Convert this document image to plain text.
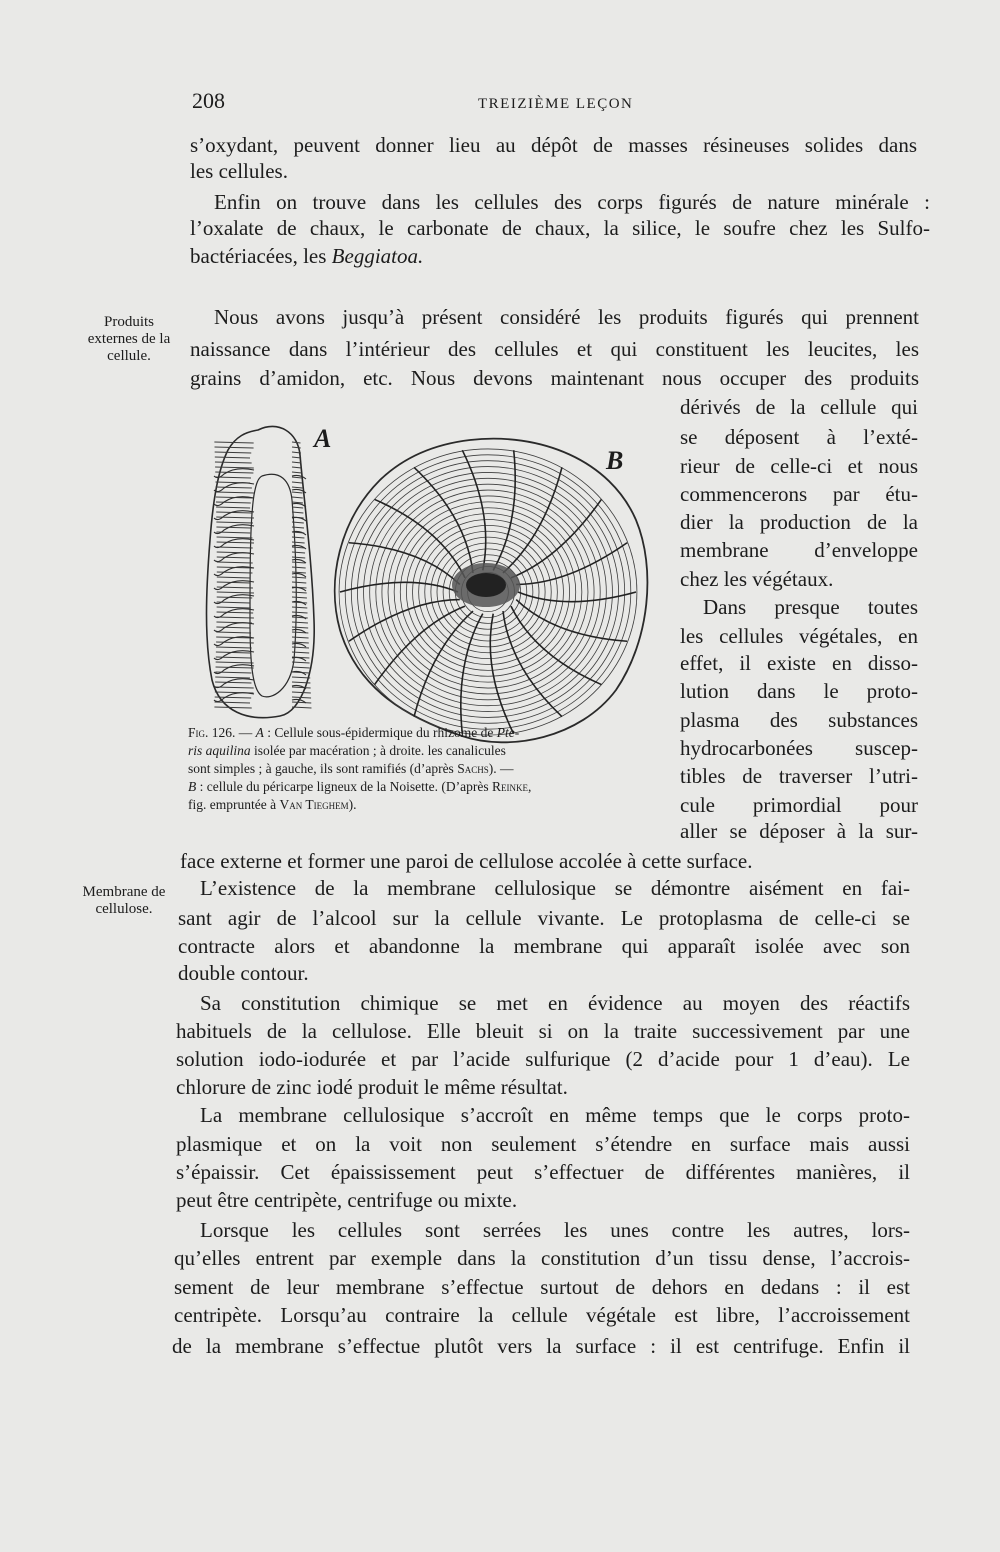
208	TREIZIÈME LEÇON
s’oxydant, peuvent donner lieu au dépôt de masses résineuses solides dans
les cellules.
Enfin on trouve dans les cellules des corps figurés de nature minérale :
l’oxalate de chaux, le carbonate de chaux, la silice, le soufre chez les Sulfo-
bactériacées, les Beggiatoa.
Produits
externes de la
cellule.
Nous avons jusqu’à présent considéré les produits figurés qui prennent
naissance dans l’intérieur des cellules et qui constituent les leucites, les
grains d’amidon, etc. Nous devons maintenant nous occuper des produits
dérivés de la cellule qui
se déposent à l’exté-
rieur de celle-ci et nous
commencerons par étu-
dier la production de la
membrane d’enveloppe
chez les végétaux.
Dans presque toutes
les cellules végétales, en
effet, il existe en disso-
lution dans le proto-
plasma des substances
hydrocarbonées suscep-
tibles de traverser l’utri-
cule primordial pour
aller se déposer à la sur-
A
B
Fig. 126. — A : Cellule sous-épidermique du rhizome de Pte-
ris aquilina isolée par macération ; à droite. les canalicules
sont simples ; à gauche, ils sont ramifiés (d’après Sachs). —
B : cellule du péricarpe ligneux de la Noisette. (D’après Reinke,
fig. empruntée à Van Tieghem).
face externe et former une paroi de cellulose accolée à cette surface.
Membrane de
cellulose.
L’existence de la membrane cellulosique se démontre aisément en fai-
sant agir de l’alcool sur la cellule vivante. Le protoplasma de celle-ci se
contracte alors et abandonne la membrane qui apparaît isolée avec son
double contour.
Sa constitution chimique se met en évidence au moyen des réactifs
habituels de la cellulose. Elle bleuit si on la traite successivement par une
solution iodo-iodurée et par l’acide sulfurique (2 d’acide pour 1 d’eau). Le
chlorure de zinc iodé produit le même résultat.
La membrane cellulosique s’accroît en même temps que le corps proto-
plasmique et on la voit non seulement s’étendre en surface mais aussi
s’épaissir. Cet épaississement peut s’effectuer de différentes manières, il
peut être centripète, centrifuge ou mixte.
Lorsque les cellules sont serrées les unes contre les autres, lors-
qu’elles entrent par exemple dans la constitution d’un tissu dense, l’accrois-
sement de leur membrane s’effectue surtout de dehors en dedans : il est
centripète. Lorsqu’au contraire la cellule végétale est libre, l’accroissement
de la membrane s’effectue plutôt vers la surface : il est centrifuge. Enfin il
